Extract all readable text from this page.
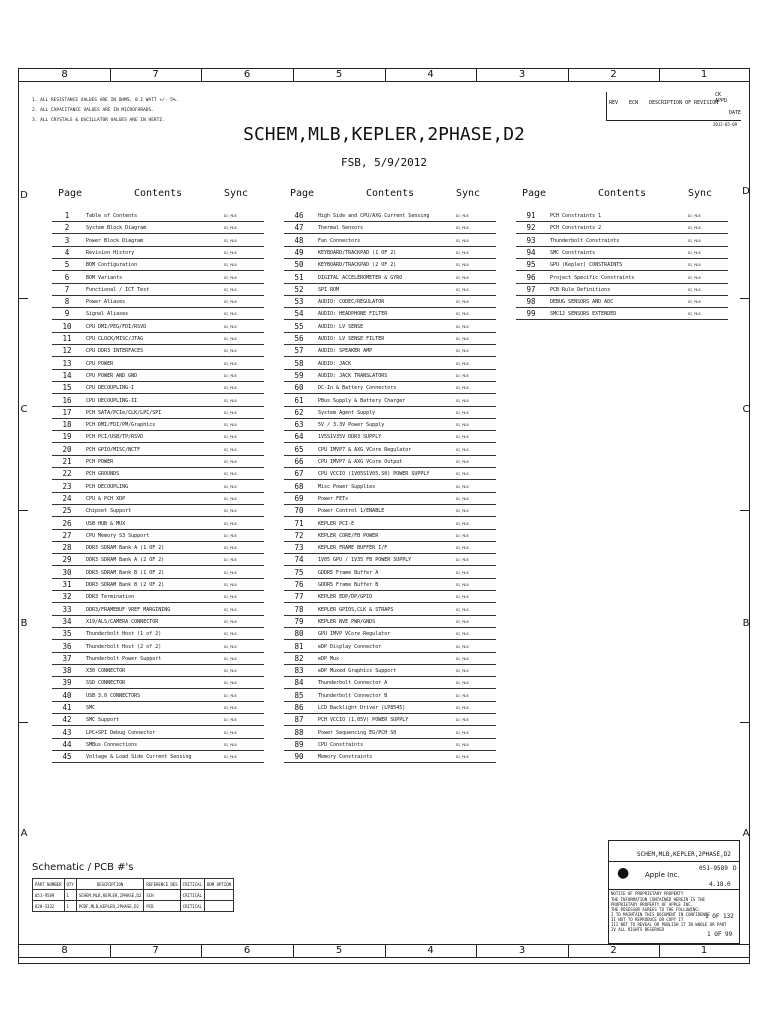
8	7	6	5	4	3	2	1
8	7	6	5	4	3	2	1
D
C
B
A
D
C
B
A
1. ALL RESISTANCE VALUES ARE IN OHMS, 0.1 WATT +/- 5%.
2. ALL CAPACITANCE VALUES ARE IN MICROFARADS.
3. ALL CRYSTALS & OSCILLATOR VALUES ARE IN HERTZ.
REV ECN DESCRIPTION OF REVISION
CK
APPD
DATE
2012-05-09
SCHEM,MLB,KEPLER,2PHASE,D2
FSB, 5/9/2012
Page	Contents	Sync
1	Table of Contents	D2_MLB
2	System Block Diagram	D2_MLB
3	Power Block Diagram	D2_MLB
4	Revision History	D2_MLB
5	BOM Configuration	D2_MLB
6	BOM Variants	D2_MLB
7	Functional / ICT Test	D2_MLB
8	Power Aliases	D2_MLB
9	Signal Aliases	D2_MLB
10	CPU DMI/PEG/FDI/RSVD	D2_MLB
11	CPU CLOCK/MISC/JTAG	D2_MLB
12	CPU DDR3 INTERFACES	D2_MLB
13	CPU POWER	D2_MLB
14	CPU POWER AND GND	D2_MLB
15	CPU DECOUPLING-I	D2_MLB
16	CPU DECOUPLING-II	D2_MLB
17	PCH SATA/PCIe/CLK/LPC/SPI	D2_MLB
18	PCH DMI/FDI/PM/Graphics	D2_MLB
19	PCH PCI/USB/TP/RSVD	D2_MLB
20	PCH GPIO/MISC/NCTF	D2_MLB
21	PCH POWER	D2_MLB
22	PCH GROUNDS	D2_MLB
23	PCH DECOUPLING	D2_MLB
24	CPU & PCH XDP	D2_MLB
25	Chipset Support	D2_MLB
26	USB HUB & MUX	D2_MLB
27	CPU Memory S3 Support	D2_MLB
28	DDR3 SDRAM Bank A (1 OF 2)	D2_MLB
29	DDR3 SDRAM Bank A (2 OF 2)	D2_MLB
30	DDR3 SDRAM Bank B (1 OF 2)	D2_MLB
31	DDR3 SDRAM Bank B (2 OF 2)	D2_MLB
32	DDR3 Termination	D2_MLB
33	DDR3/FRAMEBUF VREF MARGINING	D2_MLB
34	X19/ALS/CAMERA CONNECTOR	D2_MLB
35	Thunderbolt Host (1 of 2)	D2_MLB
36	Thunderbolt Host (2 of 2)	D2_MLB
37	Thunderbolt Power Support	D2_MLB
38	X30 CONNECTOR	D2_MLB
39	SSD CONNECTOR	D2_MLB
40	USB 3.0 CONNECTORS	D2_MLB
41	SMC	D2_MLB
42	SMC Support	D2_MLB
43	LPC+SPI Debug Connector	D2_MLB
44	SMBus Connections	D2_MLB
45	Voltage & Load Side Current Sensing	D2_MLB
Page	Contents	Sync
46	High Side and CPU/AXG Current Sensing	D2_MLB
47	Thermal Sensors	D2_MLB
48	Fan Connectors	D2_MLB
49	KEYBOARD/TRACKPAD (1 OF 2)	D2_MLB
50	KEYBOARD/TRACKPAD (2 OF 2)	D2_MLB
51	DIGITAL ACCELEROMETER & GYRO	D2_MLB
52	SPI ROM	D2_MLB
53	AUDIO: CODEC/REGULATOR	D2_MLB
54	AUDIO: HEADPHONE FILTER	D2_MLB
55	AUDIO: LV SENSE	D2_MLB
56	AUDIO: LV SENSE FILTER	D2_MLB
57	AUDIO: SPEAKER AMP	D2_MLB
58	AUDIO: JACK	D2_MLB
59	AUDIO: JACK TRANSLATORS	D2_MLB
60	DC-In & Battery Connectors	D2_MLB
61	PBus Supply & Battery Charger	D2_MLB
62	System Agent Supply	D2_MLB
63	5V / 3.3V Power Supply	D2_MLB
64	1V5S1V35V DDR3 SUPPLY	D2_MLB
65	CPU IMVP7 & AXG VCore Regulator	D2_MLB
66	CPU IMVP7 & AXG VCore Output	D2_MLB
67	CPU VCCIO (1V05S1V05.S0) POWER SUPPLY	D2_MLB
68	Misc Power Supplies	D2_MLB
69	Power FETs	D2_MLB
70	Power Control 1/ENABLE	D2_MLB
71	KEPLER PCI-E	D2_MLB
72	KEPLER CORE/FB POWER	D2_MLB
73	KEPLER FRAME BUFFER I/F	D2_MLB
74	1V05 GPU / 1V35 FB POWER SUPPLY	D2_MLB
75	GDDR5 Frame Buffer A	D2_MLB
76	GDDR5 Frame Buffer B	D2_MLB
77	KEPLER EDP/DP/GPIO	D2_MLB
78	KEPLER GPIOS,CLK & STRAPS	D2_MLB
79	KEPLER NVE PWR/GNDS	D2_MLB
80	GPU IMVP VCore Regulator	D2_MLB
81	eDP Display Connector	D2_MLB
82	eDP Mux	D2_MLB
83	eDP Muxed Graphics Support	D2_MLB
84	Thunderbolt Connector A	D2_MLB
85	Thunderbolt Connector B	D2_MLB
86	LCD Backlight Driver (LP8545)	D2_MLB
87	PCH VCCIO (1.05V) POWER SUPPLY	D2_MLB
88	Power Sequencing EG/PCH S0	D2_MLB
89	CPU Constraints	D2_MLB
90	Memory Constraints	D2_MLB
Page	Contents	Sync
91	PCH Constraints 1	D2_MLB
92	PCH Constraints 2	D2_MLB
93	Thunderbolt Constraints	D2_MLB
94	SMC Constraints	D2_MLB
95	GPU (Kepler) CONSTRAINTS	D2_MLB
96	Project Specific Constraints	D2_MLB
97	PCB Rule Definitions	D2_MLB
98	DEBUG SENSORS AND ADC	D2_MLB
99	SMC12 SENSORS EXTENDED	D2_MLB
Schematic / PCB #'s
PART NUMBER	QTY	DESCRIPTION	REFERENCE DES	CRITICAL	BOM OPTION
051-9589	1	SCHEM,MLB,KEPLER,2PHASE,D2	SCH	CRITICAL	
820-3332	1	PCBF,MLB,KEPLER,2PHASE,D2	PCB	CRITICAL	
SCHEM,MLB,KEPLER,2PHASE,D2
● Apple Inc.
051-9589 D
4.18.0
NOTICE OF PROPRIETARY PROPERTY
THE INFORMATION CONTAINED HEREIN IS THE
PROPRIETARY PROPERTY OF APPLE INC.
THE POSESSOR AGREES TO THE FOLLOWING:
I TO MAINTAIN THIS DOCUMENT IN CONFIDENCE
II NOT TO REPRODUCE OR COPY IT
III NOT TO REVEAL OR PUBLISH IT IN WHOLE OR PART
IV ALL RIGHTS RESERVED
1 OF 132
1 OF 99
